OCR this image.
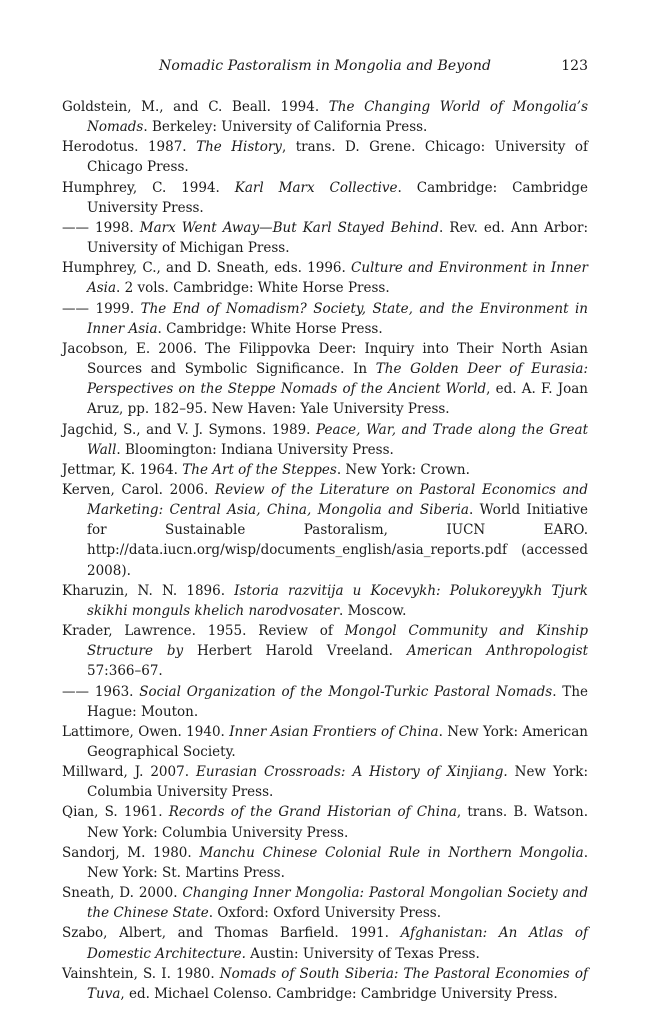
Nomadic Pastoralism in Mongolia and Beyond	123

Goldstein, M., and C. Beall. 1994. The Changing World of Mongolia’s Nomads. Berkeley: University of California Press.

Herodotus. 1987. The History, trans. D. Grene. Chicago: University of Chicago Press.

Humphrey, C. 1994. Karl Marx Collective. Cambridge: Cambridge University Press.

—— 1998. Marx Went Away—But Karl Stayed Behind. Rev. ed. Ann Arbor: University of Michigan Press.

Humphrey, C., and D. Sneath, eds. 1996. Culture and Environment in Inner Asia. 2 vols. Cambridge: White Horse Press.

—— 1999. The End of Nomadism? Society, State, and the Environment in Inner Asia. Cambridge: White Horse Press.

Jacobson, E. 2006. The Filippovka Deer: Inquiry into Their North Asian Sources and Symbolic Significance. In The Golden Deer of Eurasia: Perspectives on the Steppe Nomads of the Ancient World, ed. A. F. Joan Aruz, pp. 182–95. New Haven: Yale University Press.

Jagchid, S., and V. J. Symons. 1989. Peace, War, and Trade along the Great Wall. Bloomington: Indiana University Press.

Jettmar, K. 1964. The Art of the Steppes. New York: Crown.

Kerven, Carol. 2006. Review of the Literature on Pastoral Economics and Marketing: Central Asia, China, Mongolia and Siberia. World Initiative for Sustainable Pastoralism, IUCN EARO. http://data.iucn.org/wisp/documents_english/asia_reports.pdf (accessed 2008).

Kharuzin, N. N. 1896. Istoria razvitija u Kocevykh: Polukoreyykh Tjurk skikhi monguls khelich narodvosater. Moscow.

Krader, Lawrence. 1955. Review of Mongol Community and Kinship Structure by Herbert Harold Vreeland. American Anthropologist 57:366–67.

—— 1963. Social Organization of the Mongol-Turkic Pastoral Nomads. The Hague: Mouton.

Lattimore, Owen. 1940. Inner Asian Frontiers of China. New York: American Geographical Society.

Millward, J. 2007. Eurasian Crossroads: A History of Xinjiang. New York: Columbia University Press.

Qian, S. 1961. Records of the Grand Historian of China, trans. B. Watson. New York: Columbia University Press.

Sandorj, M. 1980. Manchu Chinese Colonial Rule in Northern Mongolia. New York: St. Martins Press.

Sneath, D. 2000. Changing Inner Mongolia: Pastoral Mongolian Society and the Chinese State. Oxford: Oxford University Press.

Szabo, Albert, and Thomas Barfield. 1991. Afghanistan: An Atlas of Domestic Architecture. Austin: University of Texas Press.

Vainshtein, S. I. 1980. Nomads of South Siberia: The Pastoral Economies of Tuva, ed. Michael Colenso. Cambridge: Cambridge University Press.
